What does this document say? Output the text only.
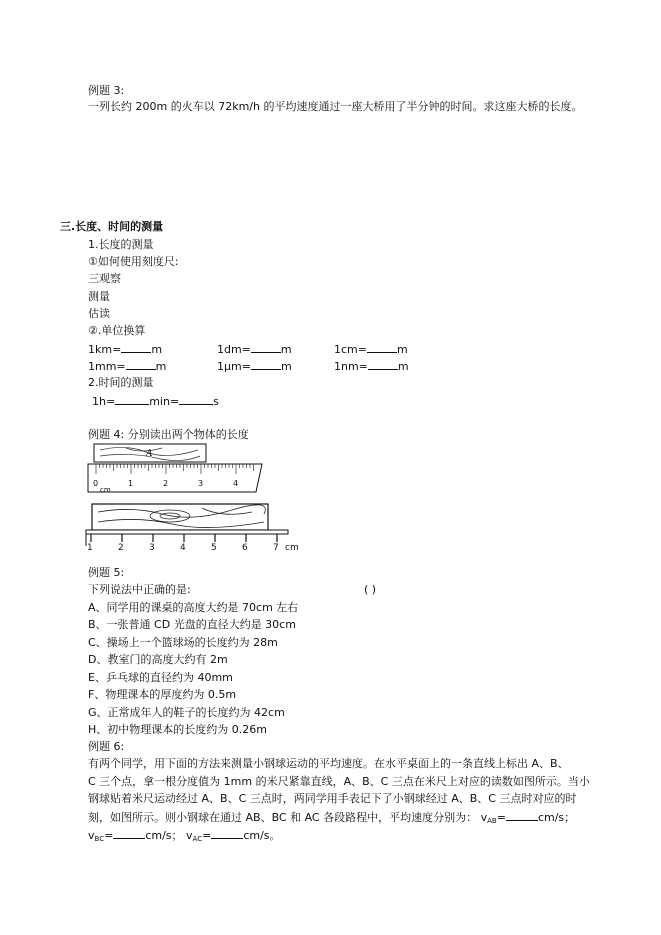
例题 3:
一列长约 200m 的火车以 72km/h 的平均速度通过一座大桥用了半分钟的时间。求这座大桥的长度。
三.长度、时间的测量
1.长度的测量
①如何使用刻度尺:
三观察
测量
估读
②.单位换算
1km=	m	1dm=	m	1cm=	m
1mm=	m	1μm=	m	1nm=	m
2.时间的测量
1h=	min=	s
例题 4: 分别读出两个物体的长度
A
0	1	2	3	4
cm
1	2	3	4	5	6	7 cm
例题 5:
下列说法中正确的是:	( )
A、同学用的课桌的高度大约是 70cm 左右
B、一张普通 CD 光盘的直径大约是 30cm
C、操场上一个篮球场的长度约为 28m
D、教室门的高度大约有 2m
E、乒乓球的直径约为 40mm
F、物理课本的厚度约为 0.5m
G、正常成年人的鞋子的长度约为 42cm
H、初中物理课本的长度约为 0.26m
例题 6:
有两个同学，用下面的方法来测量小钢球运动的平均速度。在水平桌面上的一条直线上标出 A、B、
C 三个点，拿一根分度值为 1mm 的米尺紧靠直线，A、B、C 三点在米尺上对应的读数如图所示。当小
钢球贴着米尺运动经过 A、B、C 三点时，两同学用手表记下了小钢球经过 A、B、C 三点时对应的时
刻，如图所示。则小钢球在通过 AB、BC 和 AC 各段路程中，平均速度分别为： $v_{AB}=$	cm/s；
$v_{BC}=$	cm/s； $v_{AC}=$	cm/s。
